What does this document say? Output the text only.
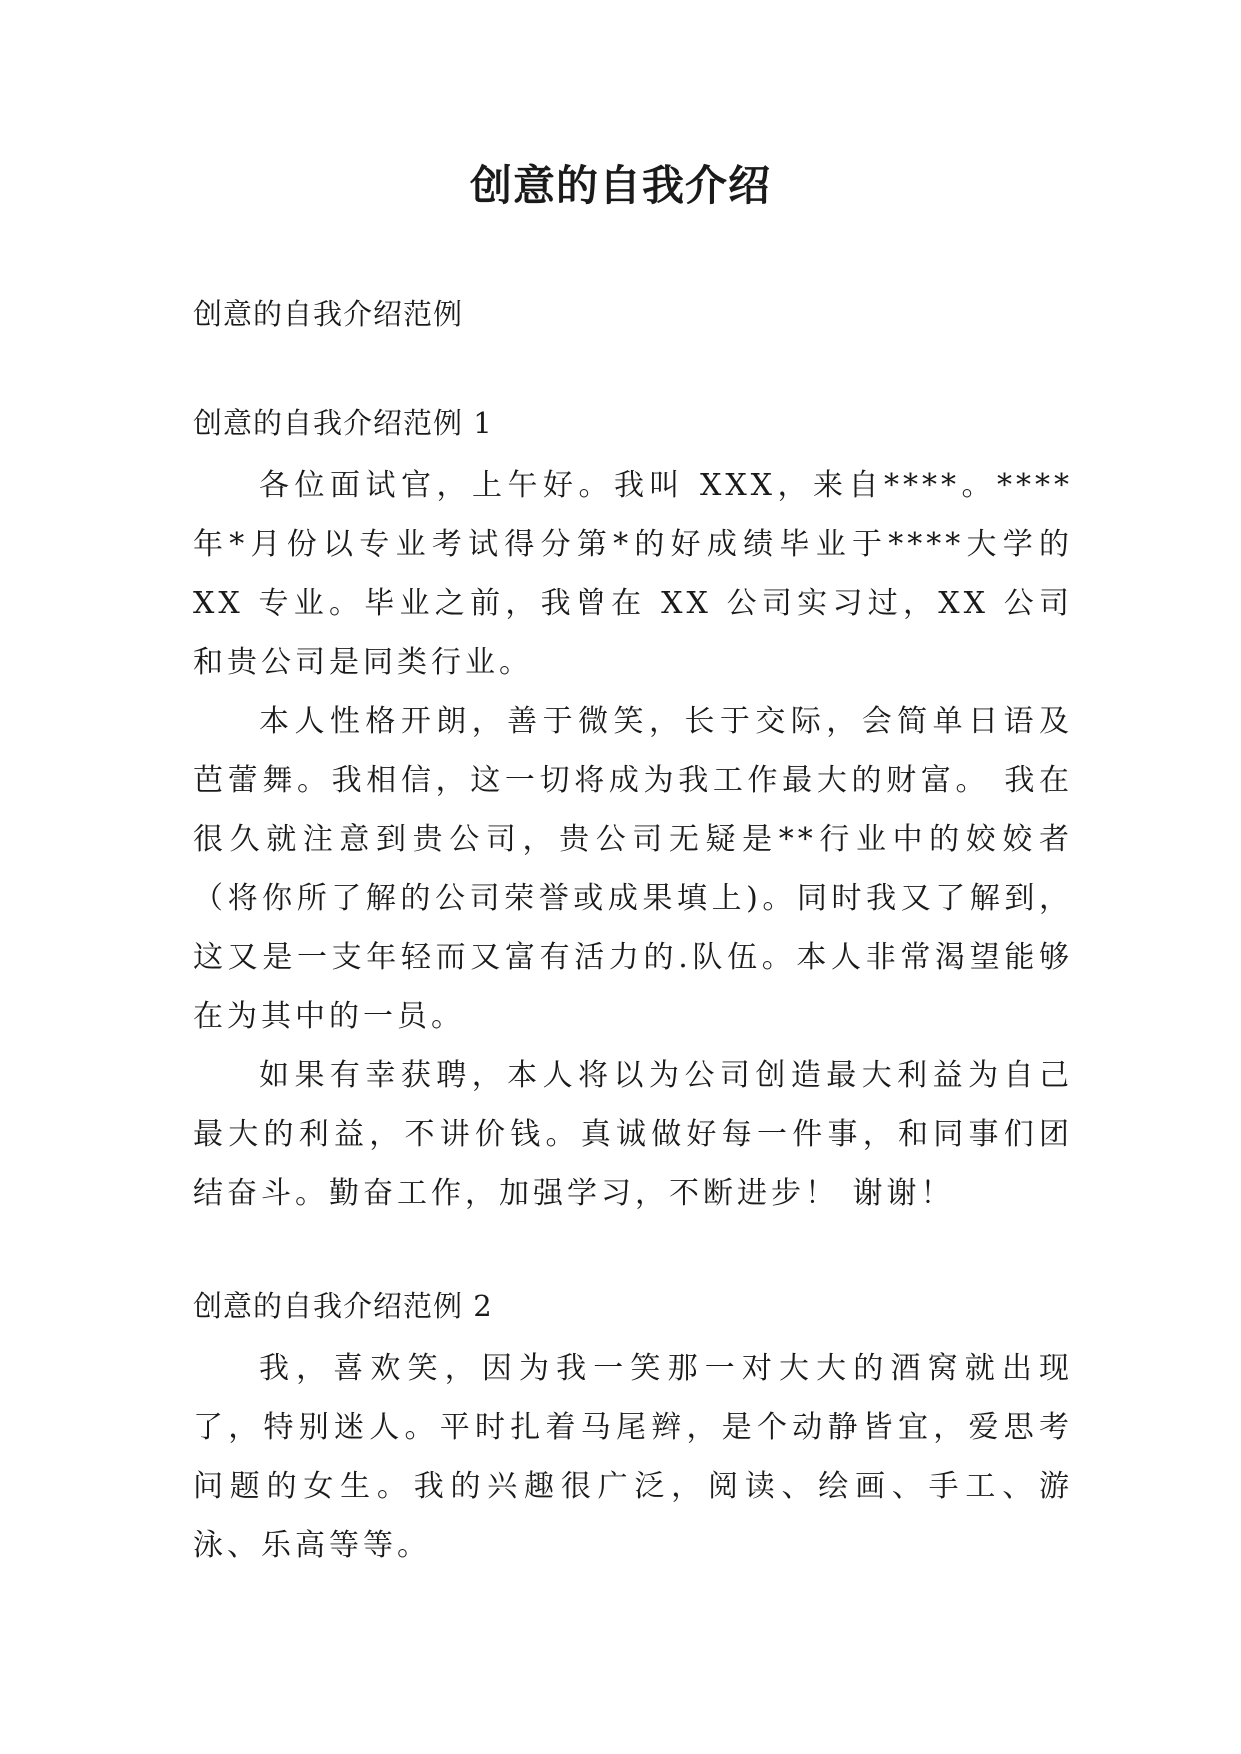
创意的自我介绍
创意的自我介绍范例
创意的自我介绍范例 1

各位面试官，上午好。我叫 XXX，来自****。****年*月份以专业考试得分第*的好成绩毕业于****大学的 XX 专业。毕业之前，我曾在 XX 公司实习过，XX 公司和贵公司是同类行业。

本人性格开朗，善于微笑，长于交际，会简单日语及芭蕾舞。我相信，这一切将成为我工作最大的财富。 我在很久就注意到贵公司，贵公司无疑是**行业中的姣姣者（将你所了解的公司荣誉或成果填上)。同时我又了解到，这又是一支年轻而又富有活力的.队伍。本人非常渴望能够在为其中的一员。

如果有幸获聘，本人将以为公司创造最大利益为自己最大的利益，不讲价钱。真诚做好每一件事，和同事们团结奋斗。勤奋工作，加强学习，不断进步！ 谢谢！

创意的自我介绍范例 2

我，喜欢笑，因为我一笑那一对大大的酒窝就出现了，特别迷人。平时扎着马尾辫，是个动静皆宜，爱思考问题的女生。我的兴趣很广泛，阅读、绘画、手工、游泳、乐高等等。
